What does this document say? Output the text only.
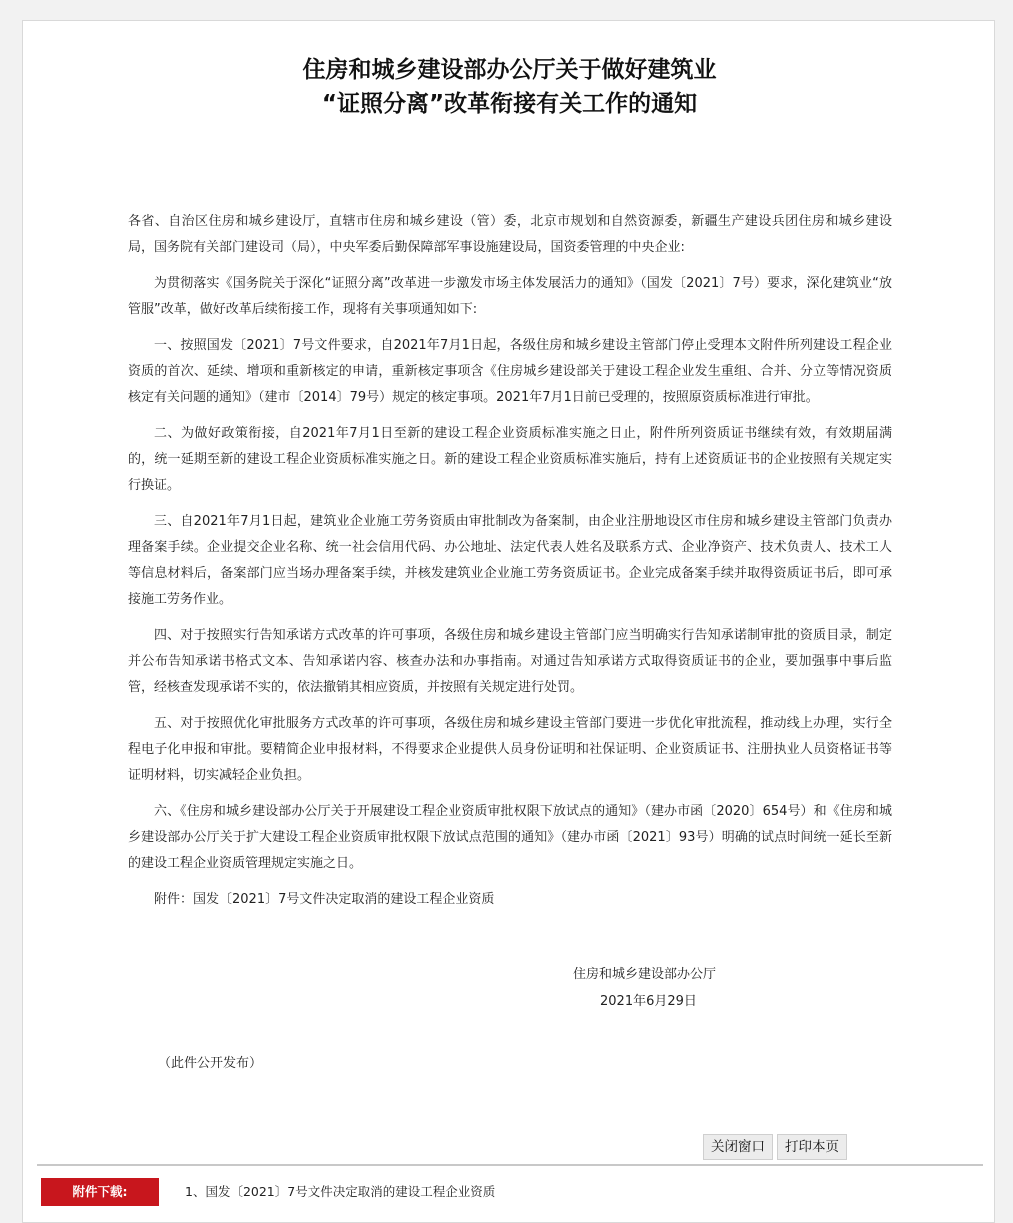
住房和城乡建设部办公厅关于做好建筑业
“证照分离”改革衔接有关工作的通知

各省、自治区住房和城乡建设厅，直辖市住房和城乡建设（管）委，北京市规划和自然资源委，新疆生产建设兵团住房和城乡建设局，国务院有关部门建设司（局），中央军委后勤保障部军事设施建设局，国资委管理的中央企业:

为贯彻落实《国务院关于深化“证照分离”改革进一步激发市场主体发展活力的通知》（国发〔2021〕7号）要求，深化建筑业“放管服”改革，做好改革后续衔接工作，现将有关事项通知如下:

一、按照国发〔2021〕7号文件要求，自2021年7月1日起，各级住房和城乡建设主管部门停止受理本文附件所列建设工程企业资质的首次、延续、增项和重新核定的申请，重新核定事项含《住房城乡建设部关于建设工程企业发生重组、合并、分立等情况资质核定有关问题的通知》（建市〔2014〕79号）规定的核定事项。2021年7月1日前已受理的，按照原资质标准进行审批。

二、为做好政策衔接，自2021年7月1日至新的建设工程企业资质标准实施之日止，附件所列资质证书继续有效，有效期届满的，统一延期至新的建设工程企业资质标准实施之日。新的建设工程企业资质标准实施后，持有上述资质证书的企业按照有关规定实行换证。

三、自2021年7月1日起，建筑业企业施工劳务资质由审批制改为备案制，由企业注册地设区市住房和城乡建设主管部门负责办理备案手续。企业提交企业名称、统一社会信用代码、办公地址、法定代表人姓名及联系方式、企业净资产、技术负责人、技术工人等信息材料后，备案部门应当场办理备案手续，并核发建筑业企业施工劳务资质证书。企业完成备案手续并取得资质证书后，即可承接施工劳务作业。

四、对于按照实行告知承诺方式改革的许可事项，各级住房和城乡建设主管部门应当明确实行告知承诺制审批的资质目录，制定并公布告知承诺书格式文本、告知承诺内容、核查办法和办事指南。对通过告知承诺方式取得资质证书的企业，要加强事中事后监管，经核查发现承诺不实的，依法撤销其相应资质，并按照有关规定进行处罚。

五、对于按照优化审批服务方式改革的许可事项，各级住房和城乡建设主管部门要进一步优化审批流程，推动线上办理，实行全程电子化申报和审批。要精简企业申报材料，不得要求企业提供人员身份证明和社保证明、企业资质证书、注册执业人员资格证书等证明材料，切实减轻企业负担。

六、《住房和城乡建设部办公厅关于开展建设工程企业资质审批权限下放试点的通知》（建办市函〔2020〕654号）和《住房和城乡建设部办公厅关于扩大建设工程企业资质审批权限下放试点范围的通知》（建办市函〔2021〕93号）明确的试点时间统一延长至新的建设工程企业资质管理规定实施之日。

附件：国发〔2021〕7号文件决定取消的建设工程企业资质

住房和城乡建设部办公厅
2021年6月29日
（此件公开发布）
关闭窗口	打印本页
附件下载:	1、国发〔2021〕7号文件决定取消的建设工程企业资质
